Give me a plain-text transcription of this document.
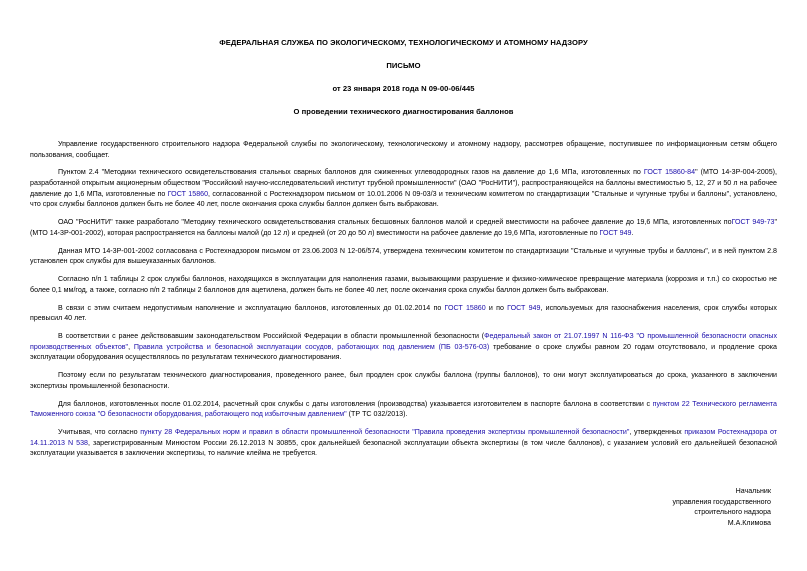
ФЕДЕРАЛЬНАЯ СЛУЖБА ПО ЭКОЛОГИЧЕСКОМУ, ТЕХНОЛОГИЧЕСКОМУ И АТОМНОМУ НАДЗОРУ
ПИСЬМО
от 23 января 2018 года N 09-00-06/445
О проведении технического диагностирования баллонов
Управление государственного строительного надзора Федеральной службы по экологическому, технологическому и атомному надзору, рассмотрев обращение, поступившее по информационным сетям общего пользования, сообщает.
Пунктом 2.4 "Методики технического освидетельствования стальных сварных баллонов для сжиженных углеводородных газов на давление до 1,6 МПа, изготовленных по ГОСТ 15860-84" (МТО 14-3Р-004-2005), разработанной открытым акционерным обществом "Российский научно-исследовательский институт трубной промышленности" (ОАО "РосНИТИ"), распространяющейся на баллоны вместимостью 5, 12, 27 и 50 л на рабочее давление до 1,6 МПа, изготовленные по ГОСТ 15860, согласованной с Ростехнадзором письмом от 10.01.2006 N 09-03/3 и техническим комитетом по стандартизации "Стальные и чугунные трубы и баллоны", установлено, что срок службы баллонов должен быть не более 40 лет, после окончания срока службы баллон должен быть выбракован.
ОАО "РосНИТИ" также разработало "Методику технического освидетельствования стальных бесшовных баллонов малой и средней вместимости на рабочее давление до 19,6 МПа, изготовленных поГОСТ 949-73" (МТО 14-3Р-001-2002), которая распространяется на баллоны малой (до 12 л) и средней (от 20 до 50 л) вместимости на рабочее давление до 19,6 МПа, изготовленные по ГОСТ 949.
Данная МТО 14-3Р-001-2002 согласована с Ростехнадзором письмом от 23.06.2003 N 12-06/574, утверждена техническим комитетом по стандартизации "Стальные и чугунные трубы и баллоны", и в ней пунктом 2.8 установлен срок службы для вышеуказанных баллонов.
Согласно п/п 1 таблицы 2 срок службы баллонов, находящихся в эксплуатации для наполнения газами, вызывающими разрушение и физико-химическое превращение материала (коррозия и т.п.) со скоростью не более 0,1 мм/год, а также, согласно п/п 2 таблицы 2 баллонов для ацетилена, должен быть не более 40 лет, после окончания срока службы баллон должен быть выбракован.
В связи с этим считаем недопустимым наполнение и эксплуатацию баллонов, изготовленных до 01.02.2014 по ГОСТ 15860 и по ГОСТ 949, используемых для газоснабжения населения, срок службы которых превысил 40 лет.
В соответствии с ранее действовавшим законодательством Российской Федерации в области промышленной безопасности (Федеральный закон от 21.07.1997 N 116-ФЗ "О промышленной безопасности опасных производственных объектов", Правила устройства и безопасной эксплуатации сосудов, работающих под давлением (ПБ 03-576-03) требование о сроке службы равном 20 годам отсутствовало, и продление срока эксплуатации оборудования осуществлялось по результатам технического диагностирования.
Поэтому если по результатам технического диагностирования, проведенного ранее, был продлен срок службы баллона (группы баллонов), то они могут эксплуатироваться до срока, указанного в заключении экспертизы промышленной безопасности.
Для баллонов, изготовленных после 01.02.2014, расчетный срок службы с даты изготовления (производства) указывается изготовителем в паспорте баллона в соответствии с пунктом 22 Технического регламента Таможенного союза "О безопасности оборудования, работающего под избыточным давлением" (ТР ТС 032/2013).
Учитывая, что согласно пункту 28 Федеральных норм и правил в области промышленной безопасности "Правила проведения экспертизы промышленной безопасности", утвержденных приказом Ростехнадзора от 14.11.2013 N 538, зарегистрированным Минюстом России 26.12.2013 N 30855, срок дальнейшей безопасной эксплуатации объекта экспертизы (в том числе баллонов), с указанием условий его дальнейшей безопасной эксплуатации указывается в заключении экспертизы, то наличие клейма не требуется.
Начальник
управления государственного
строительного надзора
М.А.Климова
